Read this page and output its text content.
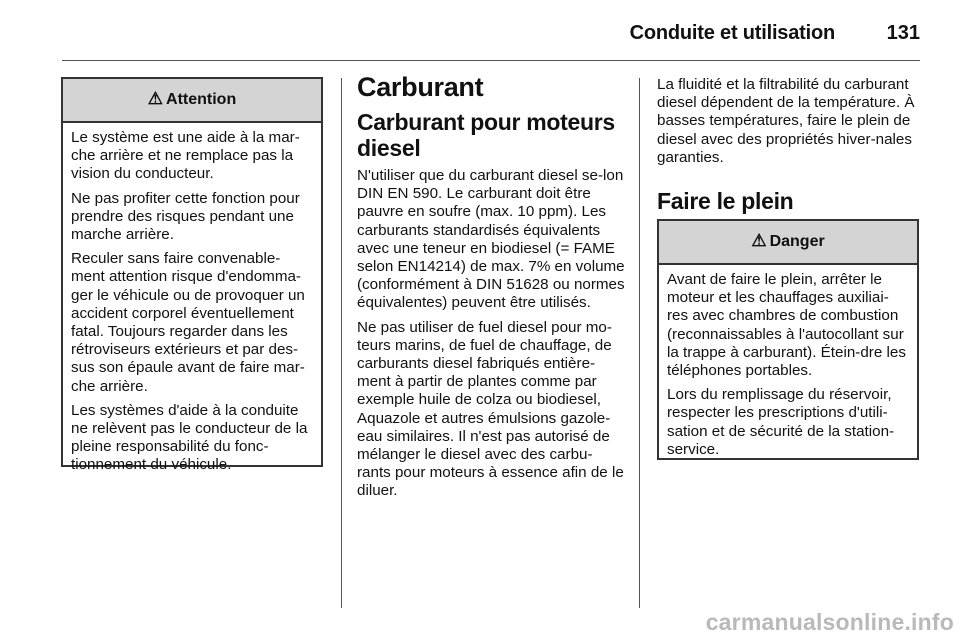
Conduite et utilisation	131
⚠ Attention

Le système est une aide à la mar-che arrière et ne remplace pas la vision du conducteur.

Ne pas profiter cette fonction pour prendre des risques pendant une marche arrière.

Reculer sans faire convenable-ment attention risque d'endomma-ger le véhicule ou de provoquer un accident corporel éventuellement fatal. Toujours regarder dans les rétroviseurs extérieurs et par des-sus son épaule avant de faire mar-che arrière.

Les systèmes d'aide à la conduite ne relèvent pas le conducteur de la pleine responsabilité du fonc-tionnement du véhicule.

Carburant
Carburant pour moteurs diesel

N'utiliser que du carburant diesel se-lon DIN EN 590. Le carburant doit être pauvre en soufre (max. 10 ppm). Les carburants standardisés équivalents avec une teneur en biodiesel (= FAME selon EN14214) de max. 7% en volume (conformément à DIN 51628 ou normes équivalentes) peuvent être utilisés.

Ne pas utiliser de fuel diesel pour mo-teurs marins, de fuel de chauffage, de carburants diesel fabriqués entière-ment à partir de plantes comme par exemple huile de colza ou biodiesel, Aquazole et autres émulsions gazole-eau similaires. Il n'est pas autorisé de mélanger le diesel avec des carbu-rants pour moteurs à essence afin de le diluer.

La fluidité et la filtrabilité du carburant diesel dépendent de la température. À basses températures, faire le plein de diesel avec des propriétés hiver-nales garanties.

Faire le plein
⚠ Danger

Avant de faire le plein, arrêter le moteur et les chauffages auxiliai-res avec chambres de combustion (reconnaissables à l'autocollant sur la trappe à carburant). Étein-dre les téléphones portables.

Lors du remplissage du réservoir, respecter les prescriptions d'utili-sation et de sécurité de la station-service.

carmanualsonline.info
